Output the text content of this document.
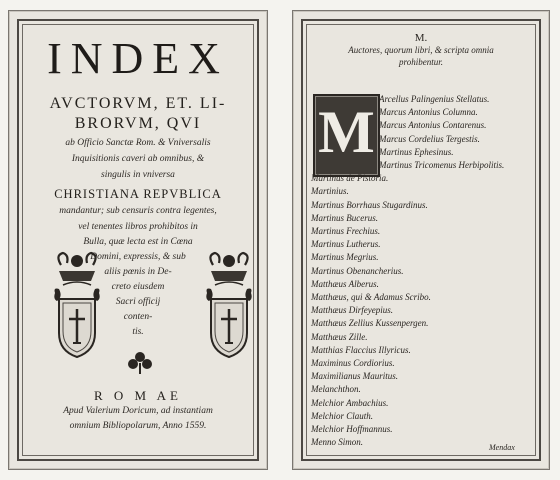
INDEX
AVCTORVM, ET. LI-
BRORVM, QVI
ab Officio Sanctæ Rom. & Vniversalis
Inquisitionis caveri ab omnibus, &
singulis in vniversa
CHRISTIANA REPVBLICA
mandantur; sub censuris contra legentes,
vel tenentes libros prohibitos in
Bulla, quæ lecta est in Cœna
Domini, expressis, & sub
aliis pœnis in De-
creto eiusdem
Sacri officij
conten-
tis.
R O M AE
Apud Valerium Doricum, ad instantiam
omnium Bibliopolarum, Anno 1559.
M.
Auctores, quorum libri, & scripta omnia
prohibentur.
M Arcellus Palingenius Stellatus.
Marcus Antonius Columna.
Marcus Antonius Contarenus.
Marcus Cordelius Tergestis.
Martinus Ephesinus.
Martinus Tricomenus Herbipolitis.
Martinus de Pistoria.
Martinius.
Martinus Borrhaus Stugardinus.
Martinus Bucerus.
Martinus Frechius.
Martinus Lutherus.
Martinus Megrius.
Martinus Obenancherius.
Matthæus Alberus.
Matthæus, qui & Adamus Scribo.
Matthæus Dirfeyepius.
Matthæus Zellius Kussenpergen.
Matthæus Zille.
Matthias Flaccius Illyricus.
Maximinus Cordiorius.
Maximilianus Mauritus.
Melanchthon.
Melchior Ambachius.
Melchior Clauth.
Melchior Hoffmannus.
Menno Simon.
Mendax
